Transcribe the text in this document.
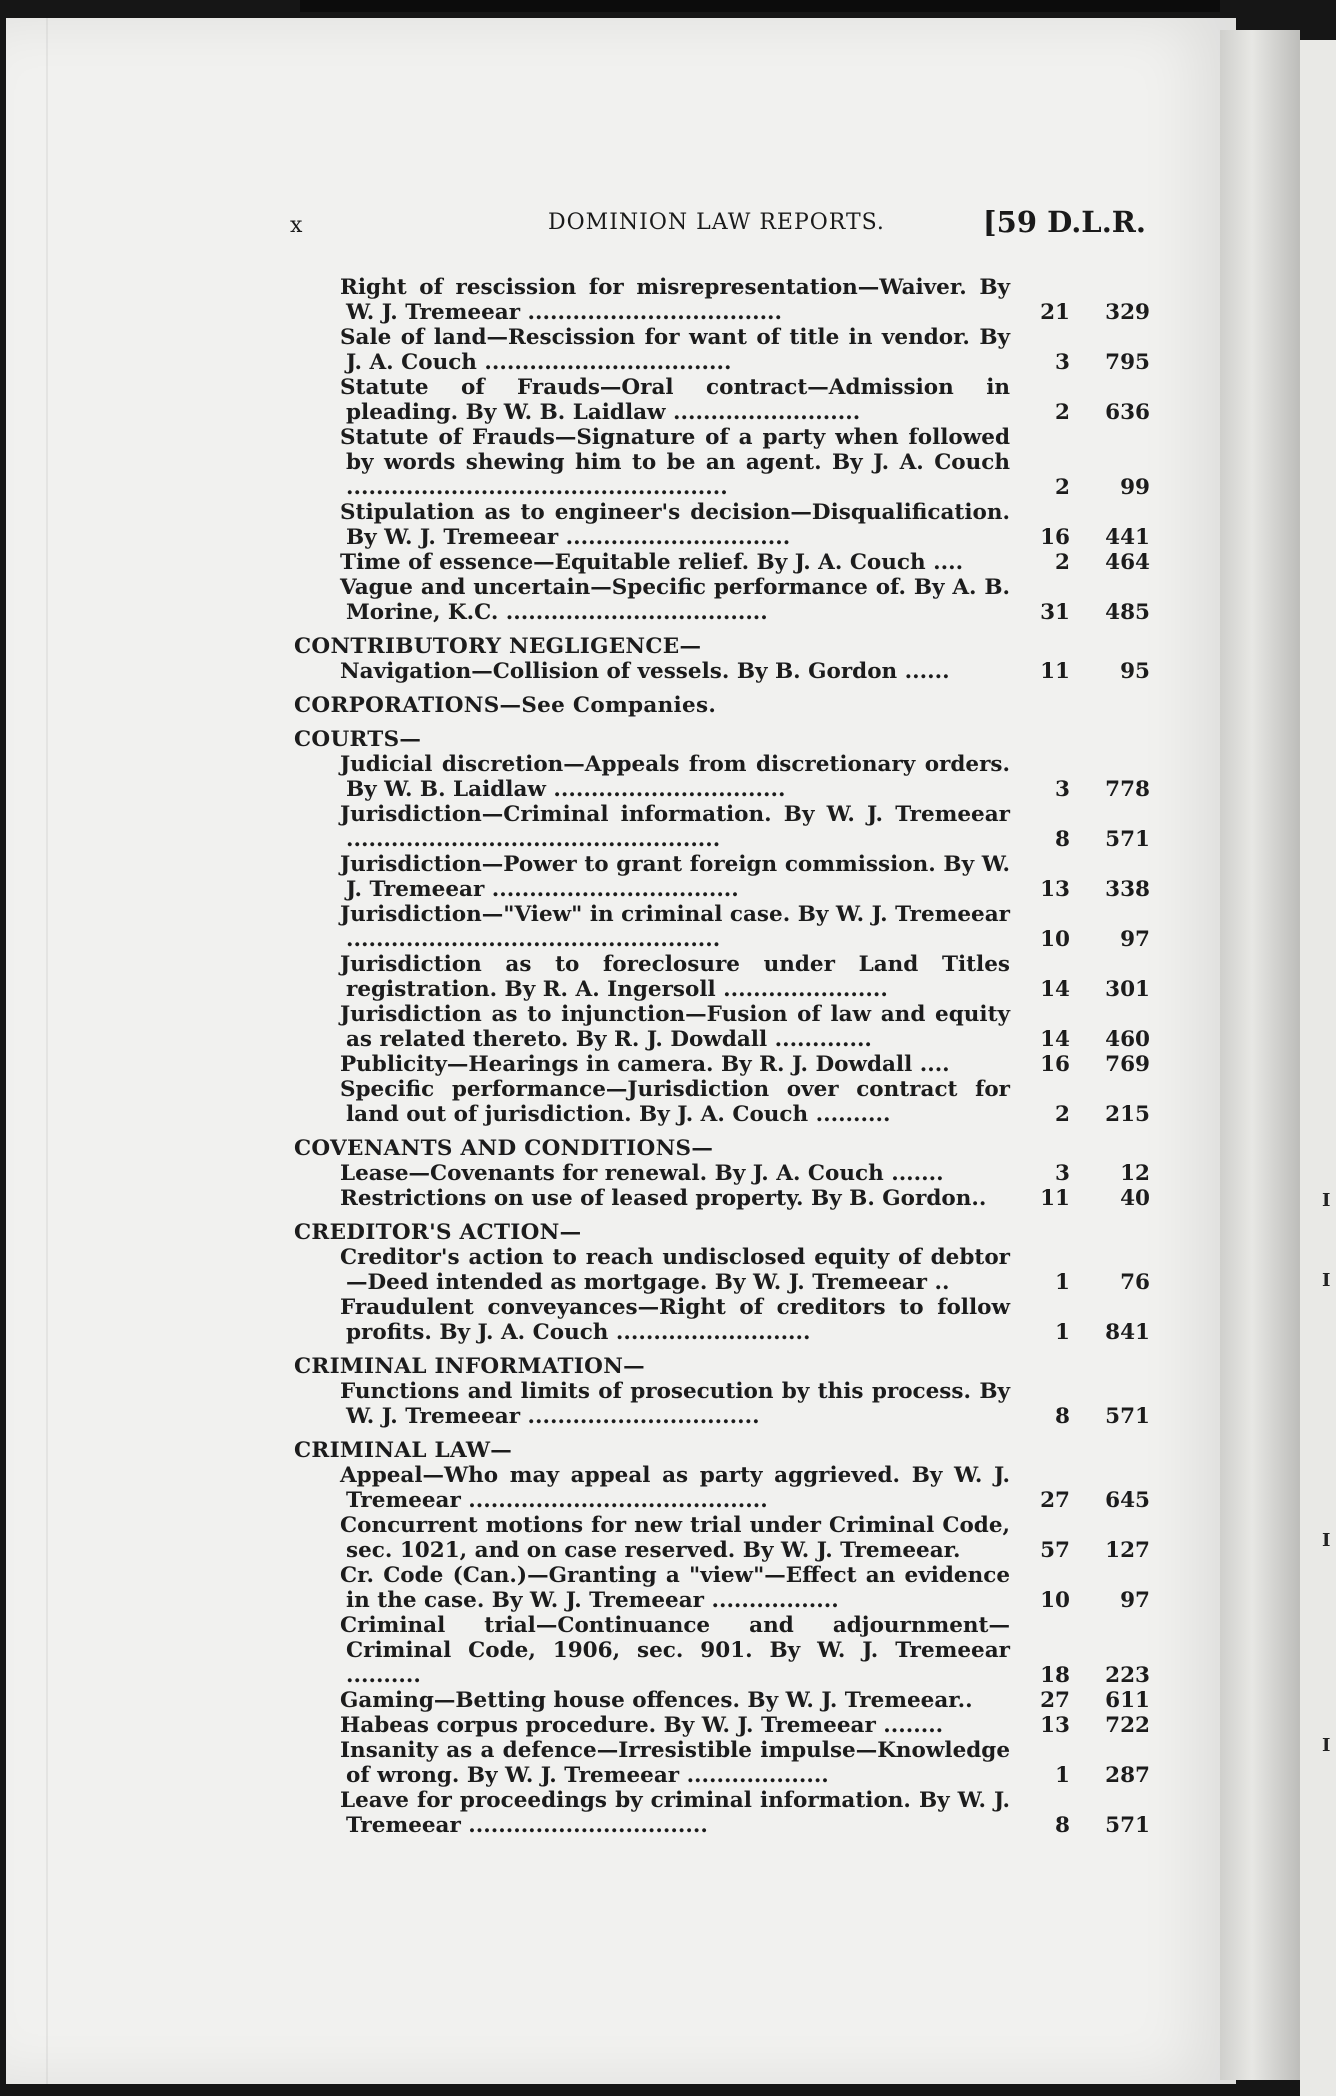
I
I
I
I
x	DOMINION LAW REPORTS.	[59 D.L.R.
Right of rescission for misrepresentation—Waiver. By W. J. Tremeear ..................................	21	329
Sale of land—Rescission for want of title in vendor. By J. A. Couch .................................	3	795
Statute of Frauds—Oral contract—Admission in pleading. By W. B. Laidlaw .........................	2	636
Statute of Frauds—Signature of a party when followed by words shewing him to be an agent. By J. A. Couch ...................................................	2	99
Stipulation as to engineer's decision—Disqualification. By W. J. Tremeear ..............................	16	441
Time of essence—Equitable relief. By J. A. Couch ....	2	464
Vague and uncertain—Specific performance of. By A. B. Morine, K.C. ...................................	31	485
CONTRIBUTORY NEGLIGENCE—
Navigation—Collision of vessels. By B. Gordon ......	11	95
CORPORATIONS—See Companies.
COURTS—
Judicial discretion—Appeals from discretionary orders. By W. B. Laidlaw ...............................	3	778
Jurisdiction—Criminal information. By W. J. Tremeear ..................................................	8	571
Jurisdiction—Power to grant foreign commission. By W. J. Tremeear .................................	13	338
Jurisdiction—"View" in criminal case. By W. J. Tremeear ..................................................	10	97
Jurisdiction as to foreclosure under Land Titles registration. By R. A. Ingersoll ......................	14	301
Jurisdiction as to injunction—Fusion of law and equity as related thereto. By R. J. Dowdall .............	14	460
Publicity—Hearings in camera. By R. J. Dowdall ....	16	769
Specific performance—Jurisdiction over contract for land out of jurisdiction. By J. A. Couch ..........	2	215
COVENANTS AND CONDITIONS—
Lease—Covenants for renewal. By J. A. Couch .......	3	12
Restrictions on use of leased property. By B. Gordon..	11	40
CREDITOR'S ACTION—
Creditor's action to reach undisclosed equity of debtor—Deed intended as mortgage. By W. J. Tremeear ..	1	76
Fraudulent conveyances—Right of creditors to follow profits. By J. A. Couch ..........................	1	841
CRIMINAL INFORMATION—
Functions and limits of prosecution by this process. By W. J. Tremeear ...............................	8	571
CRIMINAL LAW—
Appeal—Who may appeal as party aggrieved. By W. J. Tremeear ........................................	27	645
Concurrent motions for new trial under Criminal Code, sec. 1021, and on case reserved. By W. J. Tremeear.	57	127
Cr. Code (Can.)—Granting a "view"—Effect an evidence in the case. By W. J. Tremeear .................	10	97
Criminal trial—Continuance and adjournment—Criminal Code, 1906, sec. 901. By W. J. Tremeear ..........	18	223
Gaming—Betting house offences. By W. J. Tremeear..	27	611
Habeas corpus procedure. By W. J. Tremeear ........	13	722
Insanity as a defence—Irresistible impulse—Knowledge of wrong. By W. J. Tremeear ...................	1	287
Leave for proceedings by criminal information. By W. J. Tremeear ................................	8	571
